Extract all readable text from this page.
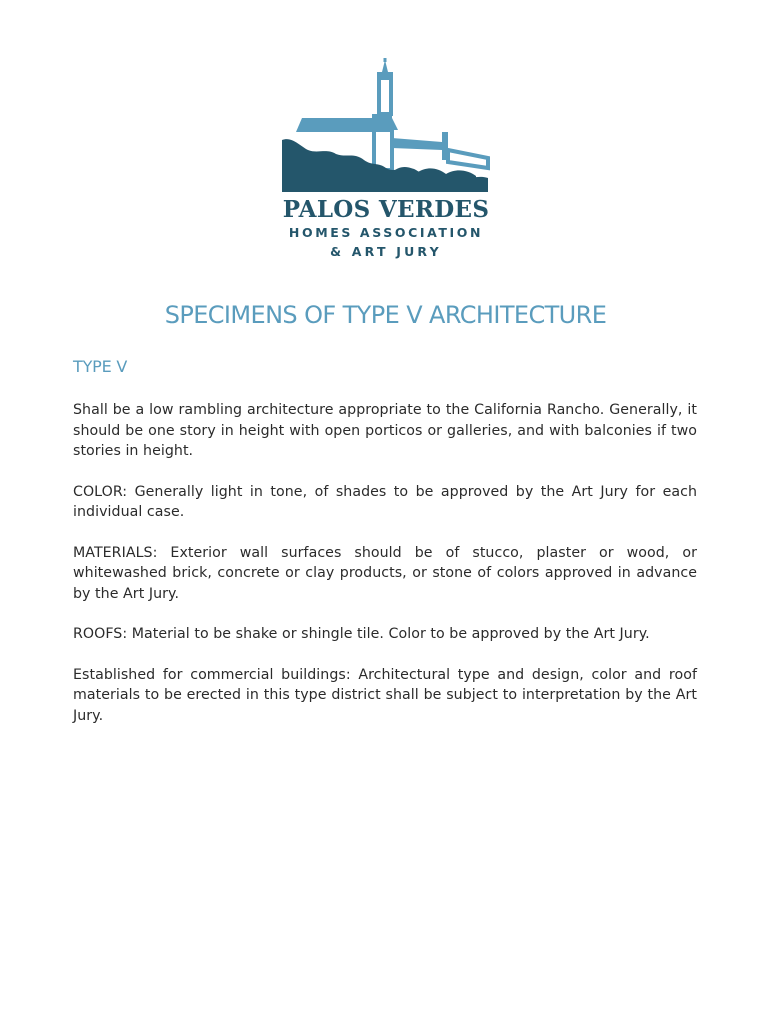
PALOS VERDES
HOMES ASSOCIATION
& ART JURY
SPECIMENS OF TYPE V ARCHITECTURE
TYPE V

Shall be a low rambling architecture appropriate to the California Rancho. Generally, it should be one story in height with open porticos or galleries, and with balconies if two stories in height.

COLOR: Generally light in tone, of shades to be approved by the Art Jury for each individual case.

MATERIALS: Exterior wall surfaces should be of stucco, plaster or wood, or whitewashed brick, concrete or clay products, or stone of colors approved in advance by the Art Jury.

ROOFS: Material to be shake or shingle tile. Color to be approved by the Art Jury.

Established for commercial buildings: Architectural type and design, color and roof materials to be erected in this type district shall be subject to interpretation by the Art Jury.
